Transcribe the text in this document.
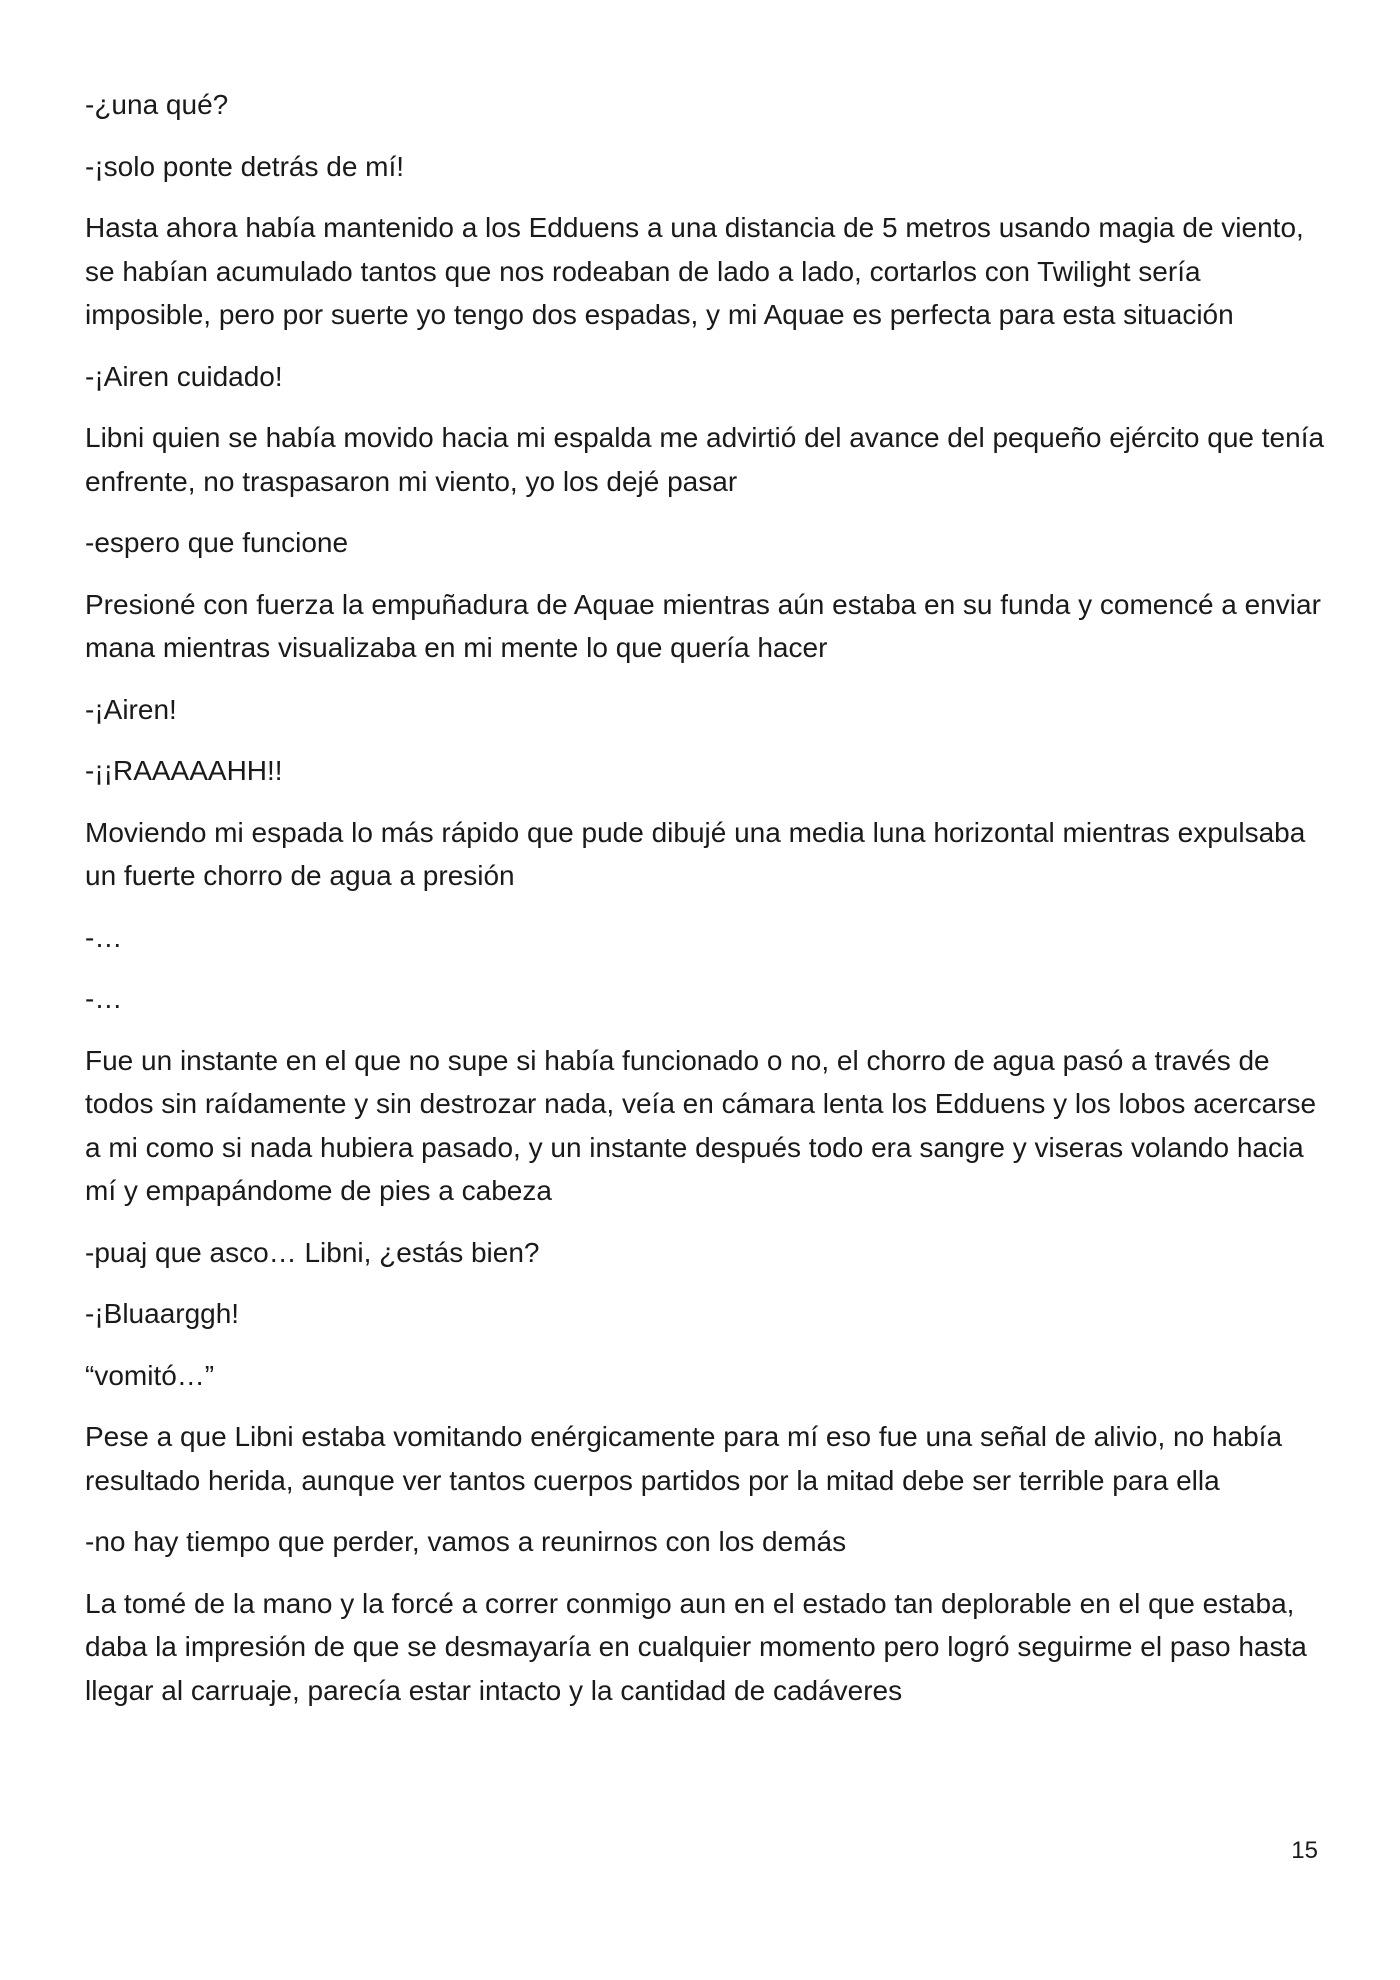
-¿una qué?

-¡solo ponte detrás de mí!

Hasta ahora había mantenido a los Edduens a una distancia de 5 metros usando magia de viento, se habían acumulado tantos que nos rodeaban de lado a lado, cortarlos con Twilight sería imposible, pero por suerte yo tengo dos espadas, y mi Aquae es perfecta para esta situación

-¡Airen cuidado!

Libni quien se había movido hacia mi espalda me advirtió del avance del pequeño ejército que tenía enfrente, no traspasaron mi viento, yo los dejé pasar

-espero que funcione

Presioné con fuerza la empuñadura de Aquae mientras aún estaba en su funda y comencé a enviar mana mientras visualizaba en mi mente lo que quería hacer

-¡Airen!

-¡¡RAAAAAHH!!

Moviendo mi espada lo más rápido que pude dibujé una media luna horizontal mientras expulsaba un fuerte chorro de agua a presión

-…

-…

Fue un instante en el que no supe si había funcionado o no, el chorro de agua pasó a través de todos sin raídamente y sin destrozar nada, veía en cámara lenta los Edduens y los lobos acercarse a mi como si nada hubiera pasado, y un instante después todo era sangre y viseras volando hacia mí y empapándome de pies a cabeza

-puaj que asco… Libni, ¿estás bien?

-¡Bluaarggh!

“vomitó…”

Pese a que Libni estaba vomitando enérgicamente para mí eso fue una señal de alivio, no había resultado herida, aunque ver tantos cuerpos partidos por la mitad debe ser terrible para ella

-no hay tiempo que perder, vamos a reunirnos con los demás

La tomé de la mano y la forcé a correr conmigo aun en el estado tan deplorable en el que estaba, daba la impresión de que se desmayaría en cualquier momento pero logró seguirme el paso hasta llegar al carruaje, parecía estar intacto y la cantidad de cadáveres

15
